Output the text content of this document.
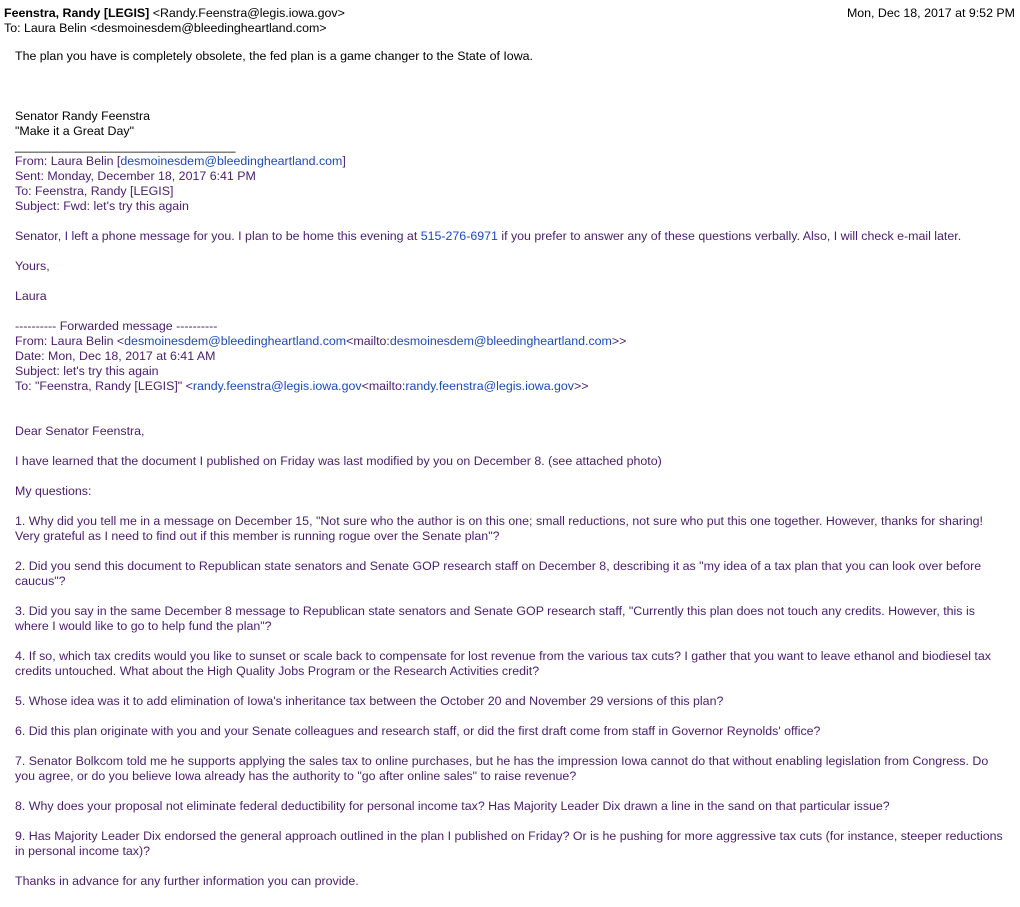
Feenstra, Randy [LEGIS] <Randy.Feenstra@legis.iowa.gov>
To: Laura Belin <desmoinesdem@bleedingheartland.com>
Mon, Dec 18, 2017 at 9:52 PM

The plan you have is completely obsolete, the fed plan is a game changer to the State of Iowa.

Senator Randy Feenstra

"Make it a Great Day"

________________________________

From: Laura Belin [desmoinesdem@bleedingheartland.com]

Sent: Monday, December 18, 2017 6:41 PM

To: Feenstra, Randy [LEGIS]

Subject: Fwd: let's try this again

Senator, I left a phone message for you. I plan to be home this evening at 515-276-6971 if you prefer to answer any of these questions verbally. Also, I will check e-mail later.

Yours,

Laura

---------- Forwarded message ----------

From: Laura Belin <desmoinesdem@bleedingheartland.com<mailto:desmoinesdem@bleedingheartland.com>>

Date: Mon, Dec 18, 2017 at 6:41 AM

Subject: let's try this again

To: "Feenstra, Randy [LEGIS]" <randy.feenstra@legis.iowa.gov<mailto:randy.feenstra@legis.iowa.gov>>

Dear Senator Feenstra,

I have learned that the document I published on Friday was last modified by you on December 8. (see attached photo)

My questions:

1. Why did you tell me in a message on December 15, "Not sure who the author is on this one; small reductions, not sure who put this one together. However, thanks for sharing! Very grateful as I need to find out if this member is running rogue over the Senate plan"?

2. Did you send this document to Republican state senators and Senate GOP research staff on December 8, describing it as "my idea of a tax plan that you can look over before caucus"?

3. Did you say in the same December 8 message to Republican state senators and Senate GOP research staff, "Currently this plan does not touch any credits. However, this is where I would like to go to help fund the plan"?

4. If so, which tax credits would you like to sunset or scale back to compensate for lost revenue from the various tax cuts? I gather that you want to leave ethanol and biodiesel tax credits untouched. What about the High Quality Jobs Program or the Research Activities credit?

5. Whose idea was it to add elimination of Iowa's inheritance tax between the October 20 and November 29 versions of this plan?

6. Did this plan originate with you and your Senate colleagues and research staff, or did the first draft come from staff in Governor Reynolds' office?

7. Senator Bolkcom told me he supports applying the sales tax to online purchases, but he has the impression Iowa cannot do that without enabling legislation from Congress. Do you agree, or do you believe Iowa already has the authority to "go after online sales" to raise revenue?

8. Why does your proposal not eliminate federal deductibility for personal income tax? Has Majority Leader Dix drawn a line in the sand on that particular issue?

9. Has Majority Leader Dix endorsed the general approach outlined in the plan I published on Friday? Or is he pushing for more aggressive tax cuts (for instance, steeper reductions in personal income tax)?

Thanks in advance for any further information you can provide.
